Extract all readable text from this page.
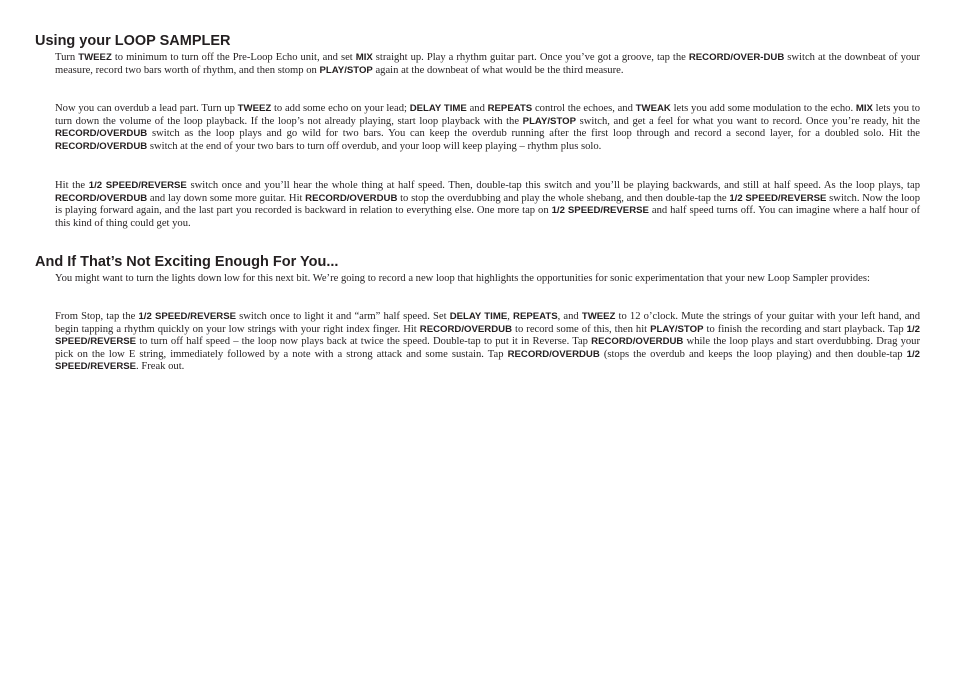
Using your LOOP SAMPLER

Turn TWEEZ to minimum to turn off the Pre-Loop Echo unit, and set MIX straight up. Play a rhythm guitar part. Once you’ve got a groove, tap the RECORD/OVER-DUB switch at the downbeat of your measure, record two bars worth of rhythm, and then stomp on PLAY/STOP again at the downbeat of what would be the third measure.

Now you can overdub a lead part. Turn up TWEEZ to add some echo on your lead; DELAY TIME and REPEATS control the echoes, and TWEAK lets you add some modulation to the echo. MIX lets you to turn down the volume of the loop playback. If the loop’s not already playing, start loop playback with the PLAY/STOP switch, and get a feel for what you want to record. Once you’re ready, hit the RECORD/OVERDUB switch as the loop plays and go wild for two bars. You can keep the overdub running after the first loop through and record a second layer, for a doubled solo. Hit the RECORD/OVERDUB switch at the end of your two bars to turn off overdub, and your loop will keep playing – rhythm plus solo.

Hit the 1/2 SPEED/REVERSE switch once and you’ll hear the whole thing at half speed. Then, double-tap this switch and you’ll be playing backwards, and still at half speed. As the loop plays, tap RECORD/OVERDUB and lay down some more guitar. Hit RECORD/OVERDUB to stop the overdubbing and play the whole shebang, and then double-tap the 1/2 SPEED/REVERSE switch. Now the loop is playing forward again, and the last part you recorded is backward in relation to everything else. One more tap on 1/2 SPEED/REVERSE and half speed turns off. You can imagine where a half hour of this kind of thing could get you.

And If That’s Not Exciting Enough For You...

You might want to turn the lights down low for this next bit. We’re going to record a new loop that highlights the opportunities for sonic experimentation that your new Loop Sampler provides:

From Stop, tap the 1/2 SPEED/REVERSE switch once to light it and “arm” half speed. Set DELAY TIME, REPEATS, and TWEEZ to 12 o’clock. Mute the strings of your guitar with your left hand, and begin tapping a rhythm quickly on your low strings with your right index finger. Hit RECORD/OVERDUB to record some of this, then hit PLAY/STOP to finish the recording and start playback. Tap 1/2 SPEED/REVERSE to turn off half speed – the loop now plays back at twice the speed. Double-tap to put it in Reverse. Tap RECORD/OVERDUB while the loop plays and start overdubbing. Drag your pick on the low E string, immediately followed by a note with a strong attack and some sustain. Tap RECORD/OVERDUB (stops the overdub and keeps the loop playing) and then double-tap 1/2 SPEED/REVERSE. Freak out.
